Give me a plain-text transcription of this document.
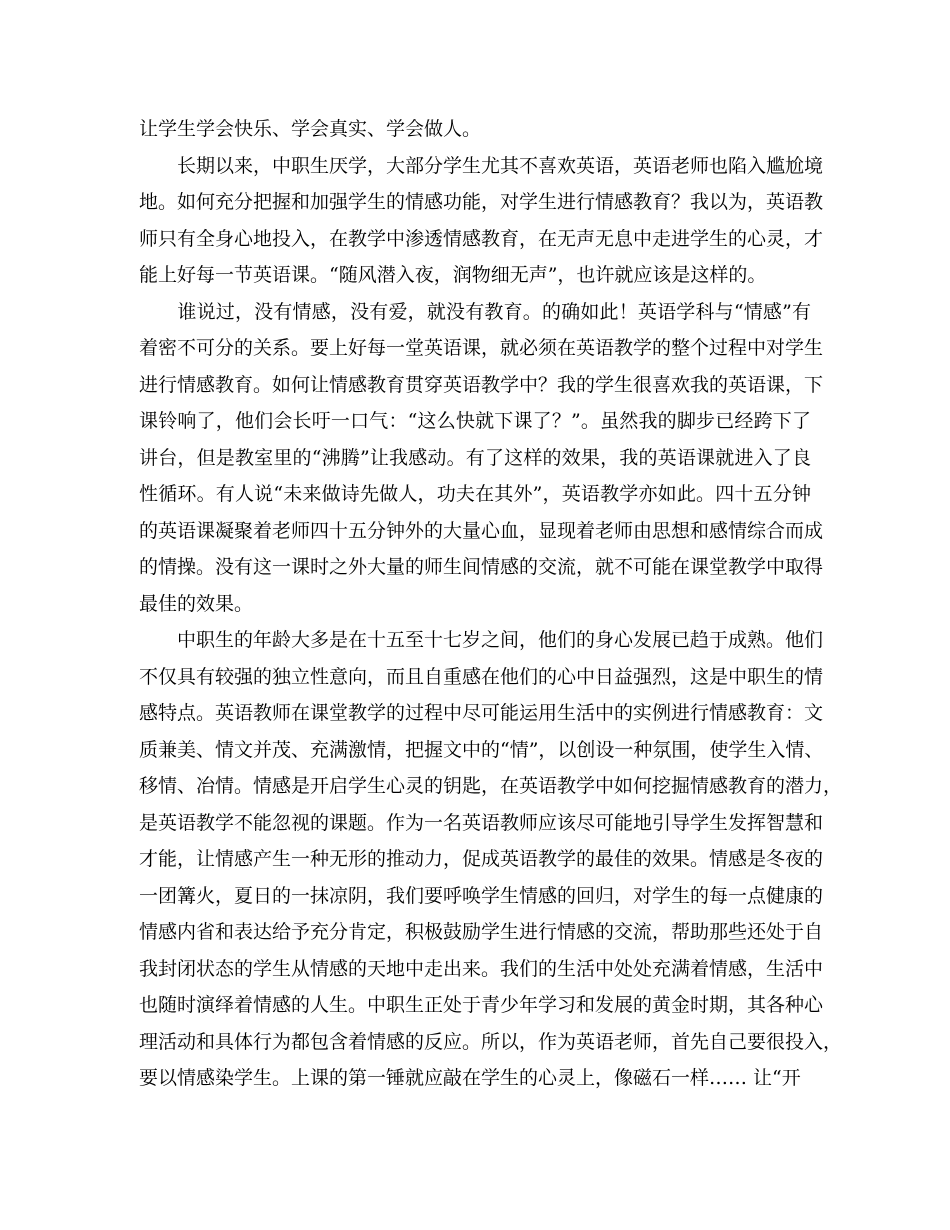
让学生学会快乐、学会真实、学会做人。
　　长期以来，中职生厌学，大部分学生尤其不喜欢英语，英语老师也陷入尴尬境
地。如何充分把握和加强学生的情感功能，对学生进行情感教育？我以为，英语教
师只有全身心地投入，在教学中渗透情感教育，在无声无息中走进学生的心灵，才
能上好每一节英语课。“随风潜入夜，润物细无声”，也许就应该是这样的。
　　谁说过，没有情感，没有爱，就没有教育。的确如此！英语学科与“情感”有
着密不可分的关系。要上好每一堂英语课，就必须在英语教学的整个过程中对学生
进行情感教育。如何让情感教育贯穿英语教学中？我的学生很喜欢我的英语课，下
课铃响了，他们会长吁一口气：“这么快就下课了？”。虽然我的脚步已经跨下了
讲台，但是教室里的“沸腾”让我感动。有了这样的效果，我的英语课就进入了良
性循环。有人说“未来做诗先做人，功夫在其外”，英语教学亦如此。四十五分钟
的英语课凝聚着老师四十五分钟外的大量心血，显现着老师由思想和感情综合而成
的情操。没有这一课时之外大量的师生间情感的交流，就不可能在课堂教学中取得
最佳的效果。
　　中职生的年龄大多是在十五至十七岁之间，他们的身心发展已趋于成熟。他们
不仅具有较强的独立性意向，而且自重感在他们的心中日益强烈，这是中职生的情
感特点。英语教师在课堂教学的过程中尽可能运用生活中的实例进行情感教育：文
质兼美、情文并茂、充满激情，把握文中的“情”，以创设一种氛围，使学生入情、
移情、冶情。情感是开启学生心灵的钥匙，在英语教学中如何挖掘情感教育的潜力，
是英语教学不能忽视的课题。作为一名英语教师应该尽可能地引导学生发挥智慧和
才能，让情感产生一种无形的推动力，促成英语教学的最佳的效果。情感是冬夜的
一团篝火，夏日的一抹凉阴，我们要呼唤学生情感的回归，对学生的每一点健康的
情感内省和表达给予充分肯定，积极鼓励学生进行情感的交流，帮助那些还处于自
我封闭状态的学生从情感的天地中走出来。我们的生活中处处充满着情感，生活中
也随时演绎着情感的人生。中职生正处于青少年学习和发展的黄金时期，其各种心
理活动和具体行为都包含着情感的反应。所以，作为英语老师，首先自己要很投入，
要以情感染学生。上课的第一锤就应敲在学生的心灵上，像磁石一样…… 让“开
